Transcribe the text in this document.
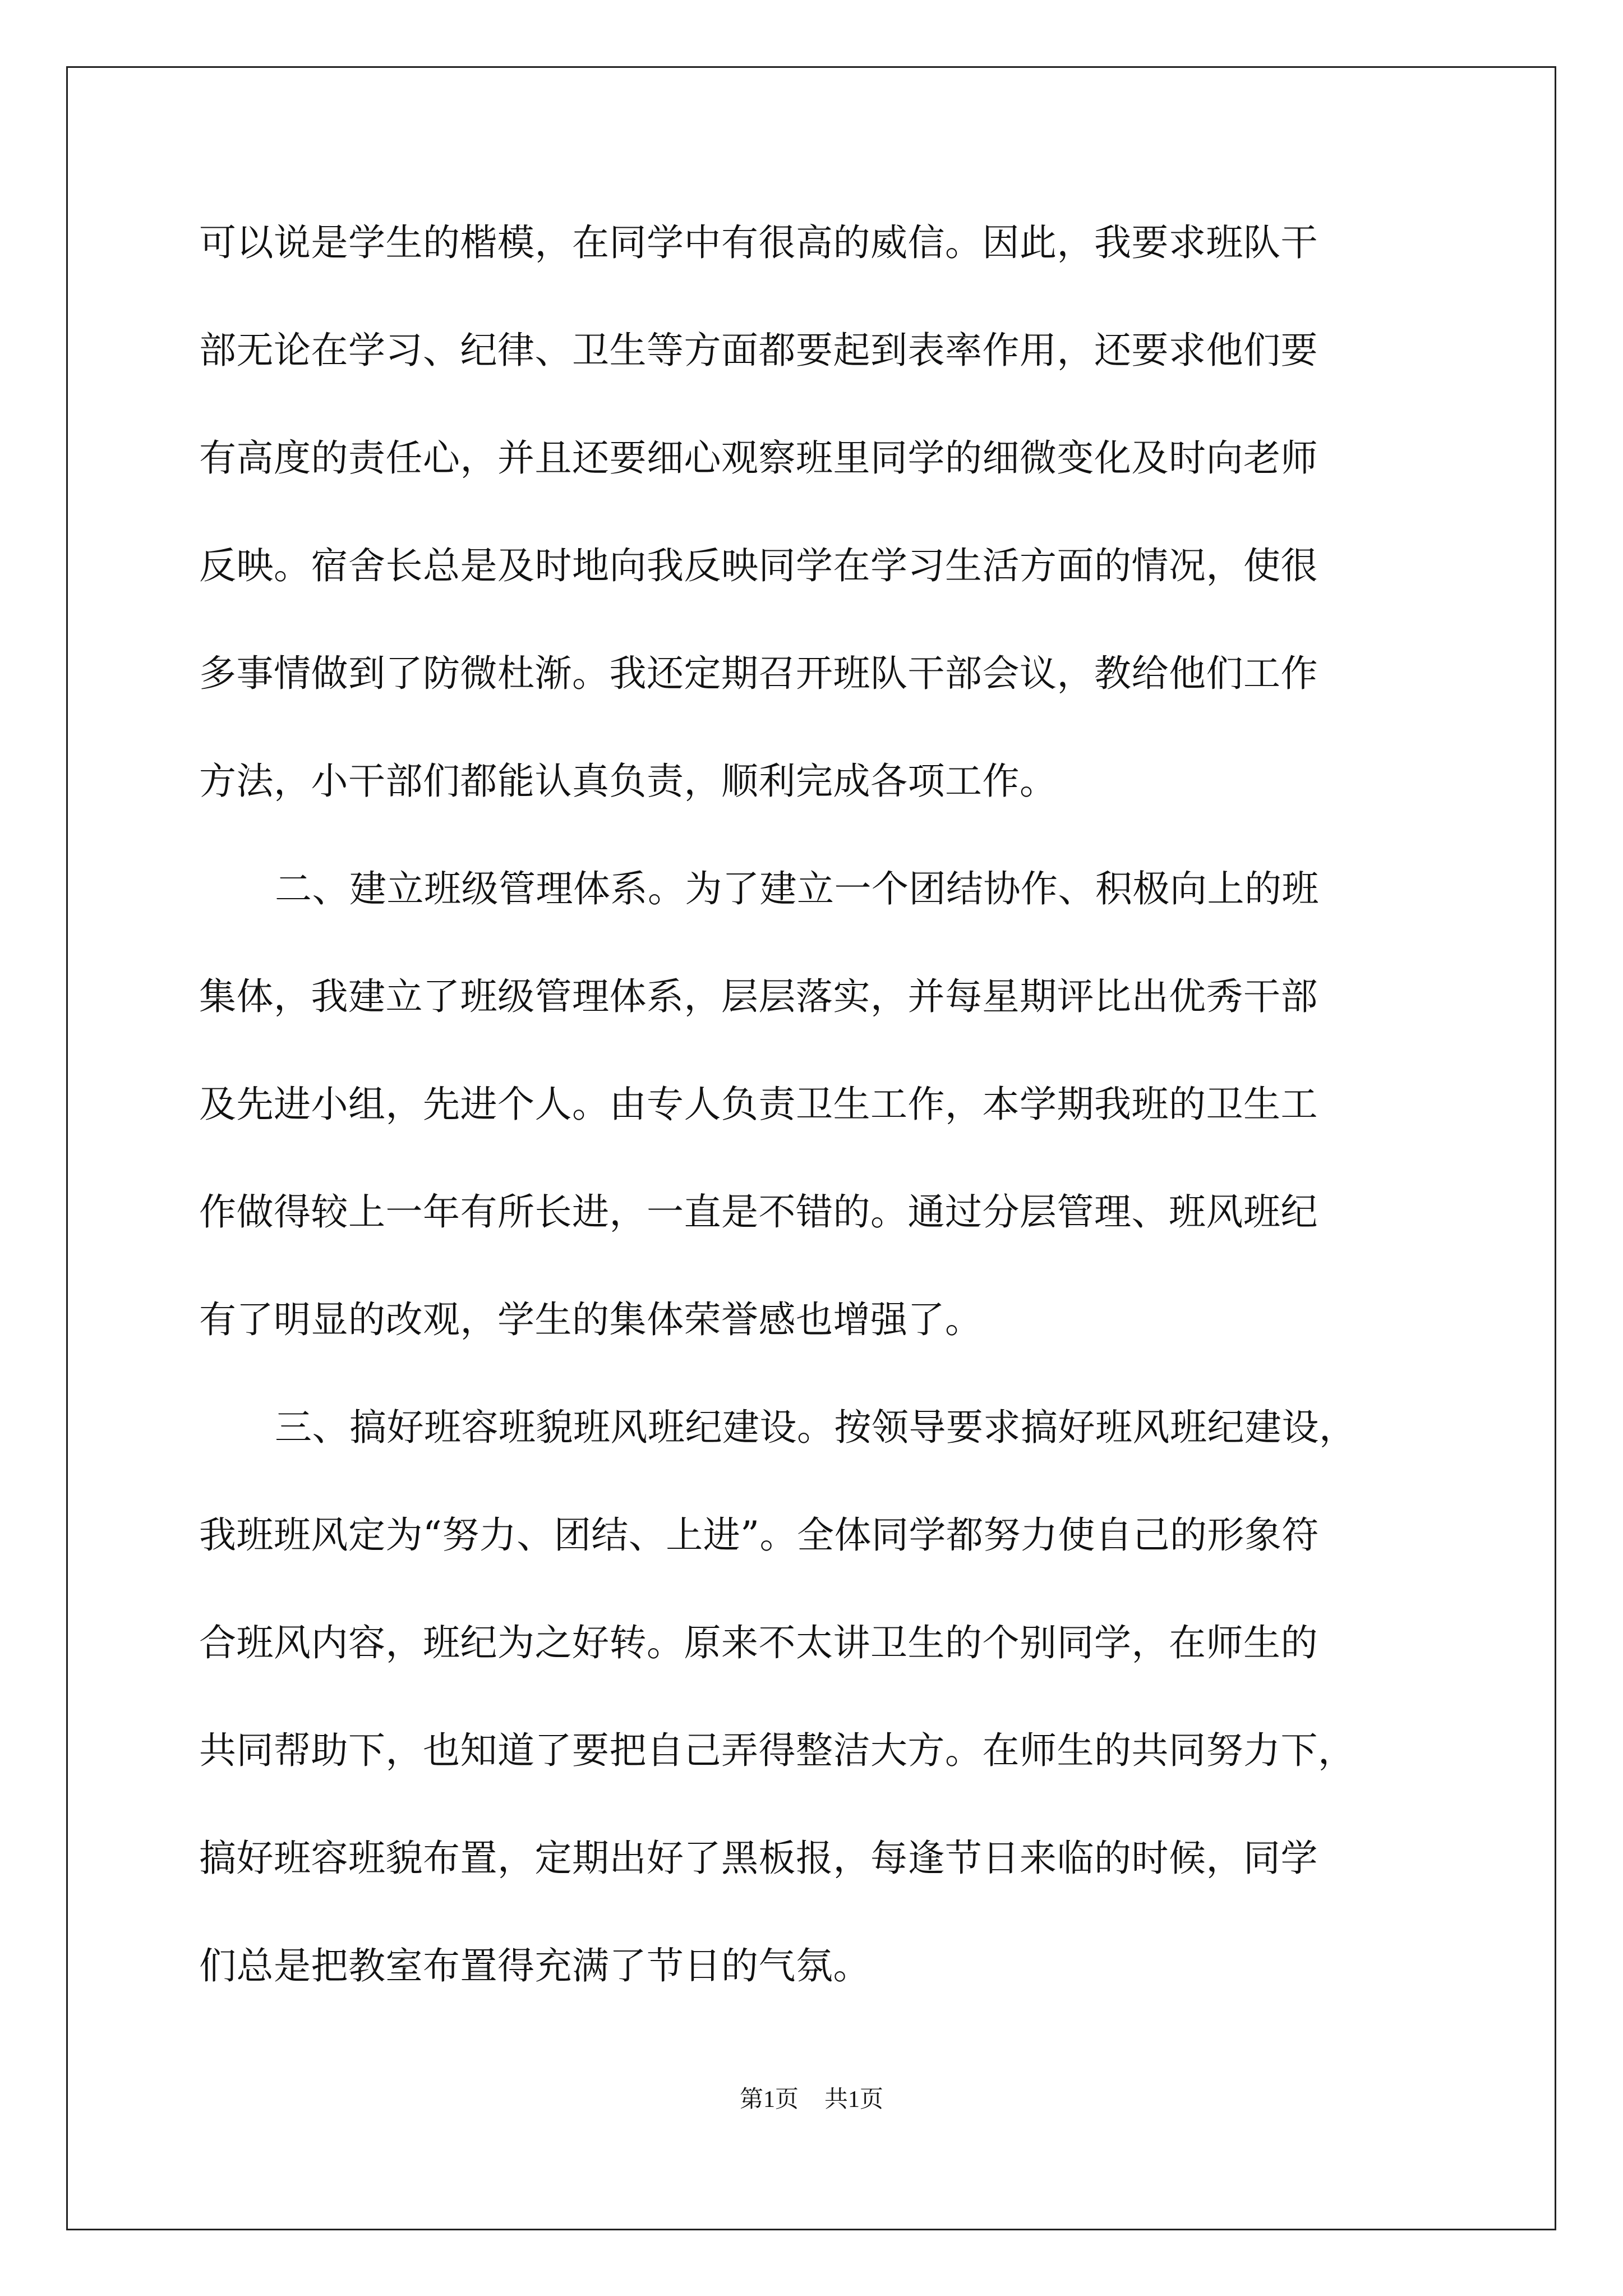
可以说是学生的楷模，在同学中有很高的威信。因此，我要求班队干
部无论在学习、纪律、卫生等方面都要起到表率作用，还要求他们要
有高度的责任心，并且还要细心观察班里同学的细微变化及时向老师
反映。宿舍长总是及时地向我反映同学在学习生活方面的情况，使很
多事情做到了防微杜渐。我还定期召开班队干部会议，教给他们工作
方法，小干部们都能认真负责，顺利完成各项工作。
二、建立班级管理体系。为了建立一个团结协作、积极向上的班
集体，我建立了班级管理体系，层层落实，并每星期评比出优秀干部
及先进小组，先进个人。由专人负责卫生工作，本学期我班的卫生工
作做得较上一年有所长进，一直是不错的。通过分层管理、班风班纪
有了明显的改观，学生的集体荣誉感也增强了。
三、搞好班容班貌班风班纪建设。按领导要求搞好班风班纪建设，
我班班风定为“努力、团结、上进”。全体同学都努力使自己的形象符
合班风内容，班纪为之好转。原来不太讲卫生的个别同学，在师生的
共同帮助下，也知道了要把自己弄得整洁大方。在师生的共同努力下，
搞好班容班貌布置，定期出好了黑板报，每逢节日来临的时候，同学
们总是把教室布置得充满了节日的气氛。
第1页 共1页
